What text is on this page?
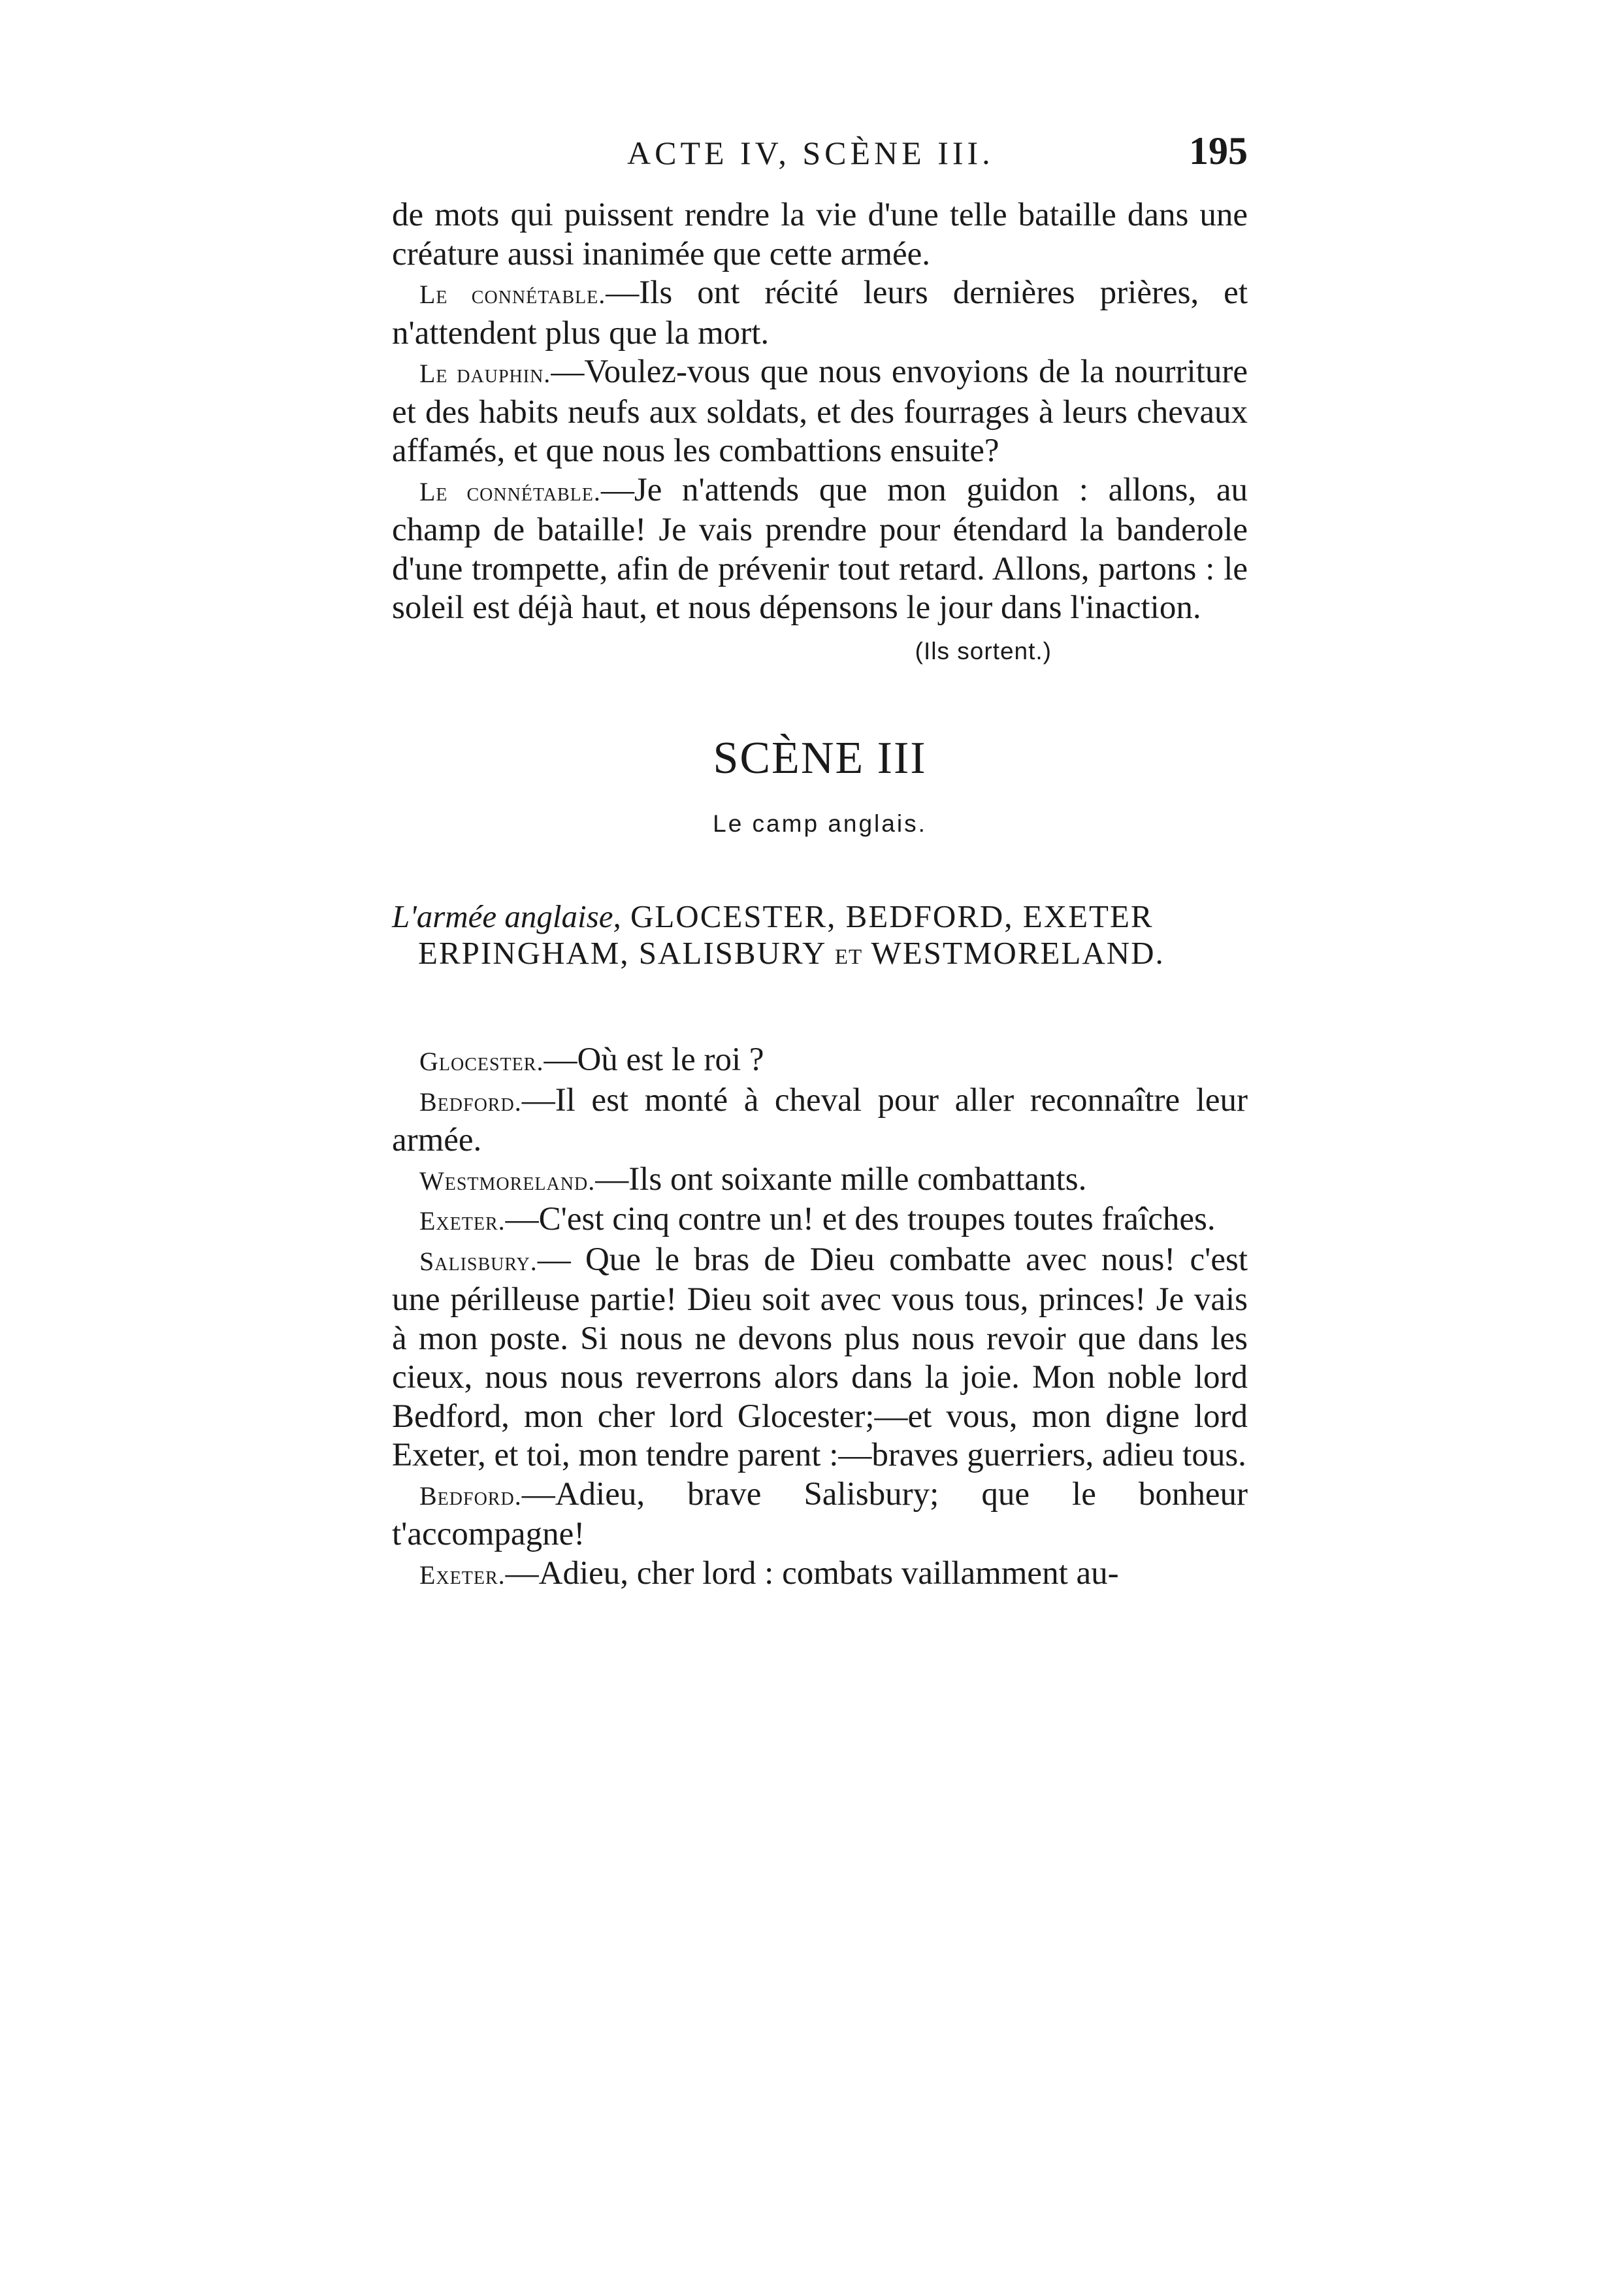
ACTE IV, SCÈNE III.	195

de mots qui puissent rendre la vie d'une telle bataille dans une créature aussi inanimée que cette armée.

Le connétable.—Ils ont récité leurs dernières prières, et n'attendent plus que la mort.

Le dauphin.—Voulez-vous que nous envoyions de la nourriture et des habits neufs aux soldats, et des fourrages à leurs chevaux affamés, et que nous les combattions ensuite?

Le connétable.—Je n'attends que mon guidon : allons, au champ de bataille! Je vais prendre pour étendard la banderole d'une trompette, afin de prévenir tout retard. Allons, partons : le soleil est déjà haut, et nous dépensons le jour dans l'inaction.

(Ils sortent.)

SCÈNE III
Le camp anglais.
L'armée anglaise, GLOCESTER, BEDFORD, EXETER
ERPINGHAM, SALISBURY ET WESTMORELAND.

Glocester.—Où est le roi ?

Bedford.—Il est monté à cheval pour aller reconnaître leur armée.

Westmoreland.—Ils ont soixante mille combattants.

Exeter.—C'est cinq contre un! et des troupes toutes fraîches.

Salisbury.— Que le bras de Dieu combatte avec nous! c'est une périlleuse partie! Dieu soit avec vous tous, princes! Je vais à mon poste. Si nous ne devons plus nous revoir que dans les cieux, nous nous reverrons alors dans la joie. Mon noble lord Bedford, mon cher lord Glocester;—et vous, mon digne lord Exeter, et toi, mon tendre parent :—braves guerriers, adieu tous.

Bedford.—Adieu, brave Salisbury; que le bonheur t'accompagne!

Exeter.—Adieu, cher lord : combats vaillamment au-
